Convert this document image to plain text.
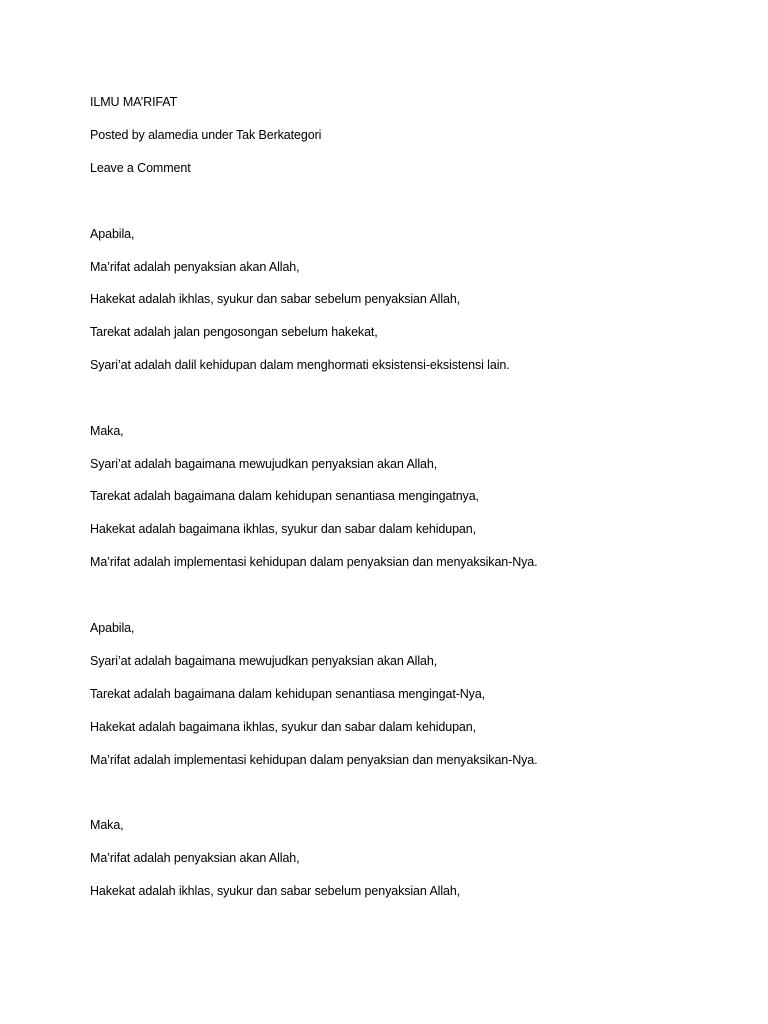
ILMU MA’RIFAT
Posted by alamedia under Tak Berkategori
Leave a Comment
Apabila,
Ma’rifat adalah penyaksian akan Allah,
Hakekat adalah ikhlas, syukur dan sabar sebelum penyaksian Allah,
Tarekat adalah jalan pengosongan sebelum hakekat,
Syari’at adalah dalil kehidupan dalam menghormati eksistensi-eksistensi lain.
Maka,
Syari’at adalah bagaimana mewujudkan penyaksian akan Allah,
Tarekat adalah bagaimana dalam kehidupan senantiasa mengingatnya,
Hakekat adalah bagaimana ikhlas, syukur dan sabar dalam kehidupan,
Ma’rifat adalah implementasi kehidupan dalam penyaksian dan menyaksikan-Nya.
Apabila,
Syari’at adalah bagaimana mewujudkan penyaksian akan Allah,
Tarekat adalah bagaimana dalam kehidupan senantiasa mengingat-Nya,
Hakekat adalah bagaimana ikhlas, syukur dan sabar dalam kehidupan,
Ma’rifat adalah implementasi kehidupan dalam penyaksian dan menyaksikan-Nya.
Maka,
Ma’rifat adalah penyaksian akan Allah,
Hakekat adalah ikhlas, syukur dan sabar sebelum penyaksian Allah,
